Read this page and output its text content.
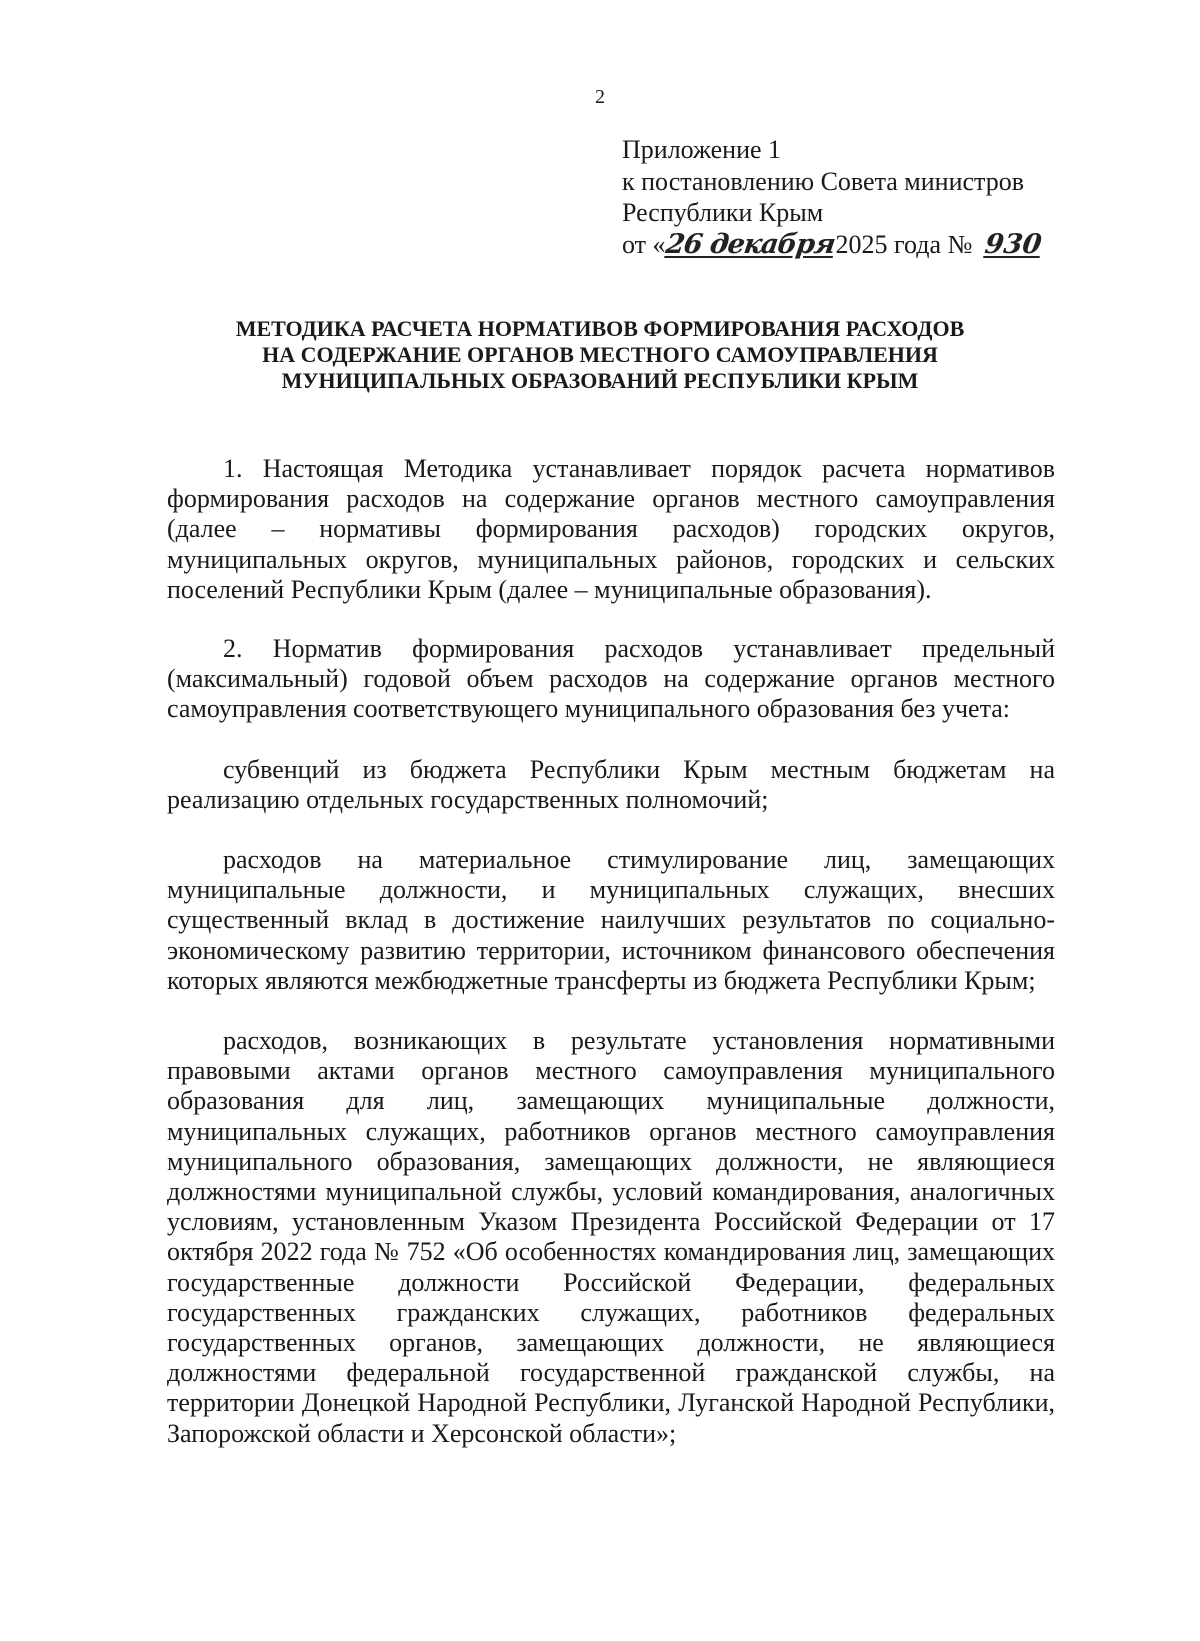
2
Приложение 1
к постановлению Совета министров
Республики Крым
от «26 декабря2025 года № 930
МЕТОДИКА РАСЧЕТА НОРМАТИВОВ ФОРМИРОВАНИЯ РАСХОДОВ
НА СОДЕРЖАНИЕ ОРГАНОВ МЕСТНОГО САМОУПРАВЛЕНИЯ
МУНИЦИПАЛЬНЫХ ОБРАЗОВАНИЙ РЕСПУБЛИКИ КРЫМ

1. Настоящая Методика устанавливает порядок расчета нормативов формирования расходов на содержание органов местного самоуправления (далее – нормативы формирования расходов) городских округов, муниципальных округов, муниципальных районов, городских и сельских поселений Республики Крым (далее – муниципальные образования).

2. Норматив формирования расходов устанавливает предельный (максимальный) годовой объем расходов на содержание органов местного самоуправления соответствующего муниципального образования без учета:

субвенций из бюджета Республики Крым местным бюджетам на реализацию отдельных государственных полномочий;

расходов на материальное стимулирование лиц, замещающих муниципальные должности, и муниципальных служащих, внесших существенный вклад в достижение наилучших результатов по социально-экономическому развитию территории, источником финансового обеспечения которых являются межбюджетные трансферты из бюджета Республики Крым;

расходов, возникающих в результате установления нормативными правовыми актами органов местного самоуправления муниципального образования для лиц, замещающих муниципальные должности, муниципальных служащих, работников органов местного самоуправления муниципального образования, замещающих должности, не являющиеся должностями муниципальной службы, условий командирования, аналогичных условиям, установленным Указом Президента Российской Федерации от 17 октября 2022 года № 752 «Об особенностях командирования лиц, замещающих государственные должности Российской Федерации, федеральных государственных гражданских служащих, работников федеральных государственных органов, замещающих должности, не являющиеся должностями федеральной государственной гражданской службы, на территории Донецкой Народной Республики, Луганской Народной Республики, Запорожской области и Херсонской области»;
